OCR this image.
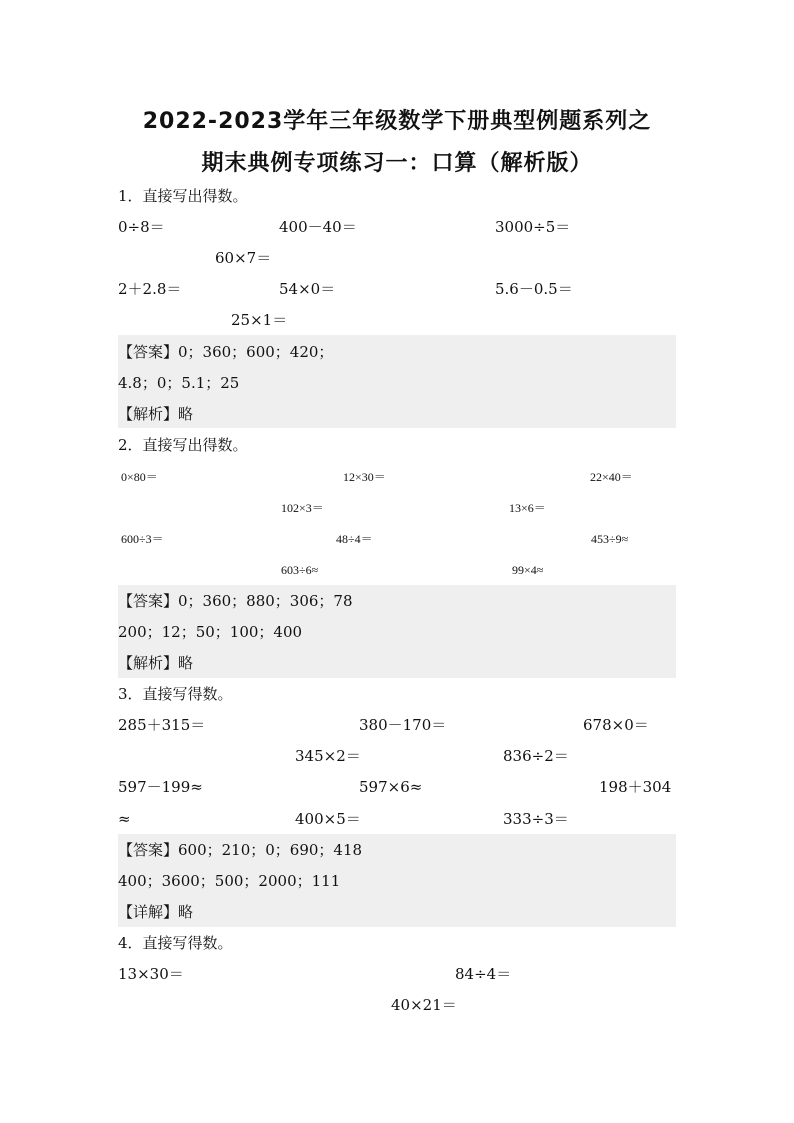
2022-2023学年三年级数学下册典型例题系列之
期末典例专项练习一：口算（解析版）
1．直接写出得数。
0÷8＝	400－40＝	3000÷5＝
60×7＝
2＋2.8＝	54×0＝	5.6－0.5＝
25×1＝
【答案】0；360；600；420；
4.8；0；5.1；25
【解析】略
2．直接写出得数。
0×80＝	12×30＝	22×40＝
102×3＝	13×6＝
600÷3＝	48÷4＝	453÷9≈
603÷6≈	99×4≈
【答案】0；360；880；306；78
200；12；50；100；400
【解析】略
3．直接写得数。
285＋315＝	380－170＝	678×0＝
345×2＝	836÷2＝
597－199≈	597×6≈	198＋304
≈	400×5＝	333÷3＝
【答案】600；210；0；690；418
400；3600；500；2000；111
【详解】略
4．直接写得数。
13×30＝	84÷4＝
40×21＝
